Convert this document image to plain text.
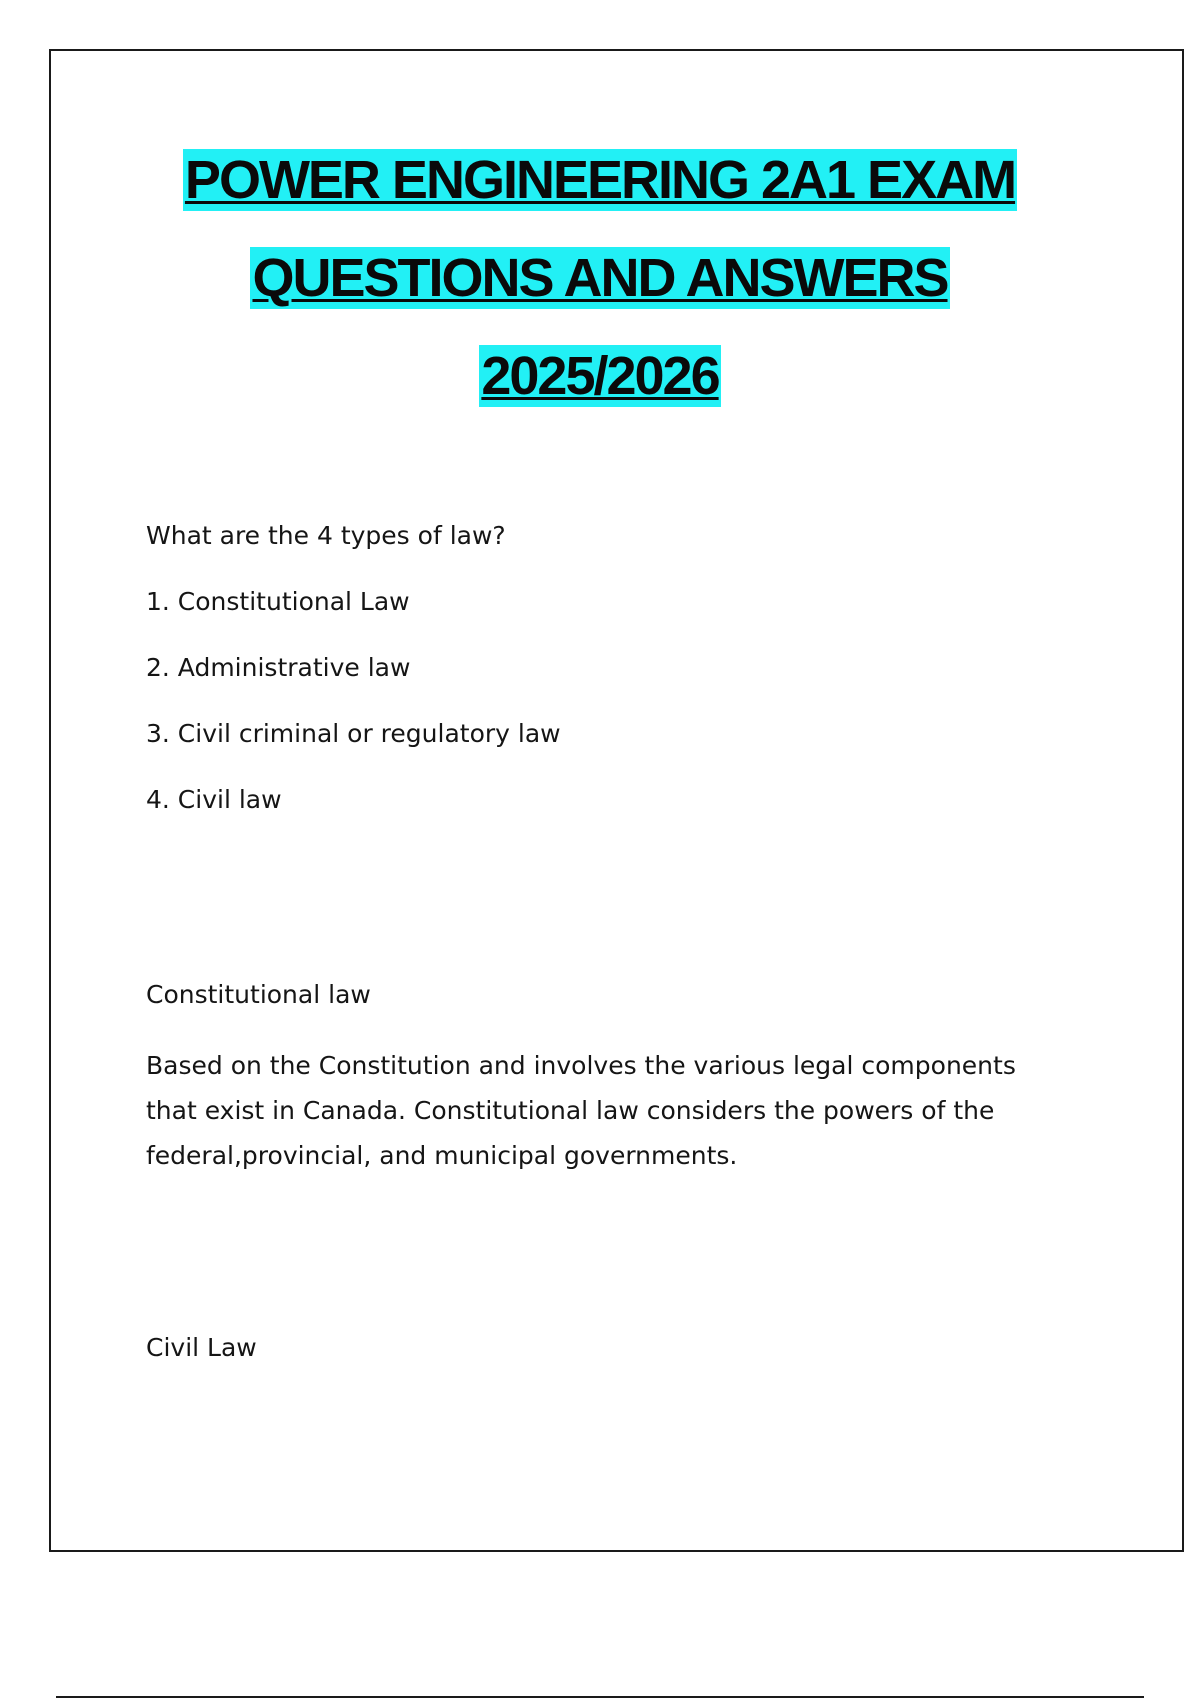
POWER ENGINEERING 2A1 EXAM
QUESTIONS AND ANSWERS
2025/2026

What are the 4 types of law?

1. Constitutional Law

2. Administrative law

3. Civil criminal or regulatory law

4. Civil law

Constitutional law

Based on the Constitution and involves the various legal components

that exist in Canada. Constitutional law considers the powers of the

federal,provincial, and municipal governments.

Civil Law
